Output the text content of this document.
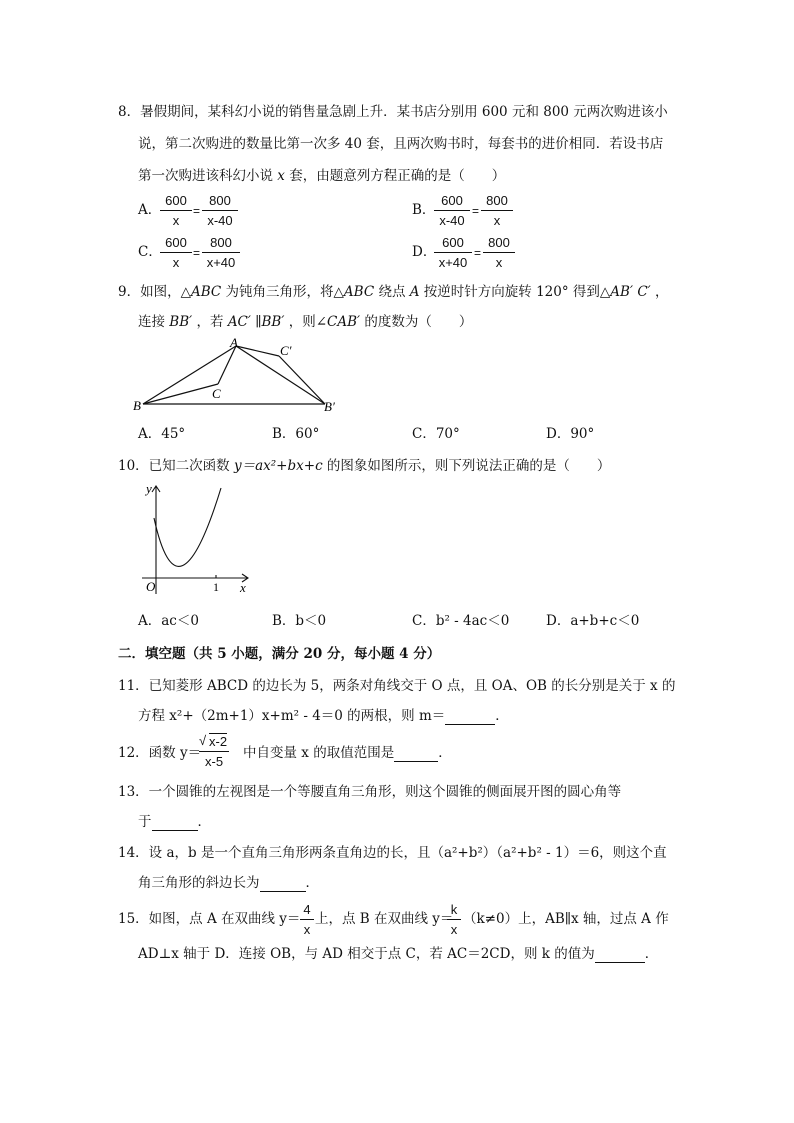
8．暑假期间，某科幻小说的销售量急剧上升．某书店分别用 600 元和 800 元两次购进该小
说，第二次购进的数量比第一次多 40 套，且两次购书时，每套书的进价相同．若设书店
第一次购进该科幻小说 x 套，由题意列方程正确的是（　　）
A．
$\frac{600}{x} = \frac{800}{x-40}$	B．
$\frac{600}{x-40} = \frac{800}{x}$
C．
$\frac{600}{x} = \frac{800}{x+40}$	D．
$\frac{600}{x+40} = \frac{800}{x}$
9．如图，△ABC 为钝角三角形，将△ABC 绕点 A 按逆时针方向旋转 120° 得到△AB′ C′ ，
连接 BB′ ，若 AC′ ∥BB′ ，则∠CAB′ 的度数为（　　）
A
B
C
C′
B′
A．45°	B．60°	C．70°	D．90°
10．已知二次函数 y＝ax²+bx+c 的图象如图所示，则下列说法正确的是（　　）
y
x
O	1
A．ac＜0	B．b＜0	C．b² - 4ac＜0	D．a+b+c＜0
二．填空题（共 5 小题，满分 20 分，每小题 4 分）
11．已知菱形 ABCD 的边长为 5，两条对角线交于 O 点，且 OA、OB 的长分别是关于 x 的
方程 x²+（2m+1）x+m² - 4＝0 的两根，则 m＝	．
12．函数 y＝
$\frac{√ x-2}{x-5}$ 中自变量 x 的取值范围是	．
13．一个圆锥的左视图是一个等腰直角三角形，则这个圆锥的侧面展开图的圆心角等
于	．
14．设 a，b 是一个直角三角形两条直角边的长，且（a²+b²）（a²+b² - 1）＝6，则这个直
角三角形的斜边长为	．
15．如图，点 A 在双曲线 $y= \frac{4}{x}$ 上，点 B 在双曲线 y＝
$\frac{k}{x} (k\ne 0)$上，AB∥x 轴，过点 A 作
AD⊥x 轴于 D．连接 OB，与 AD 相交于点 C，若 AC＝2CD，则 k 的值为	．
